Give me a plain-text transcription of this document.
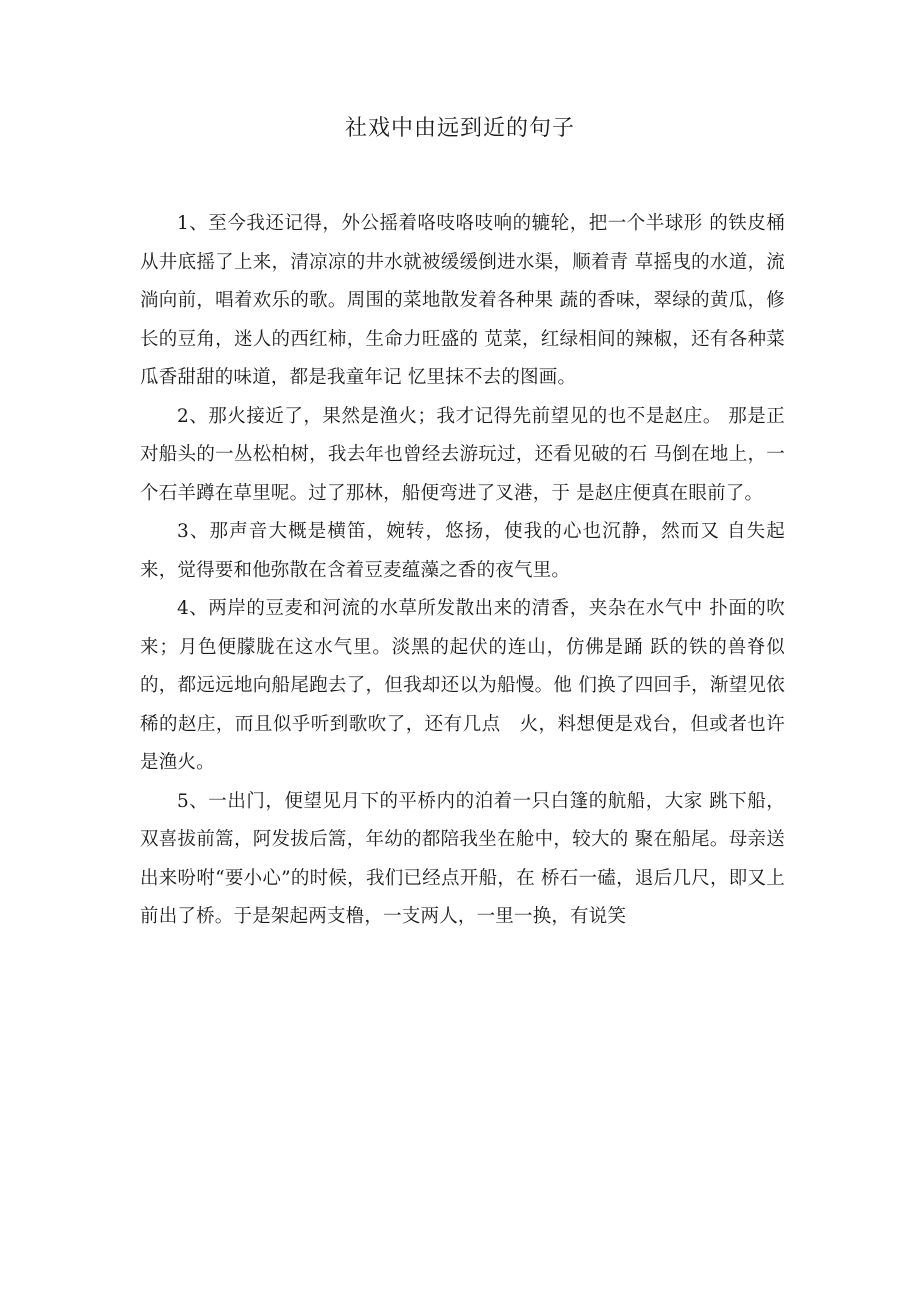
社戏中由远到近的句子

1、至今我还记得，外公摇着咯吱咯吱响的辘轮，把一个半球形 的铁皮桶从井底摇了上来，清凉凉的井水就被缓缓倒进水渠，顺着青 草摇曳的水道，流淌向前，唱着欢乐的歌。周围的菜地散发着各种果 蔬的香味，翠绿的黄瓜，修长的豆角，迷人的西红柿，生命力旺盛的 苋菜，红绿相间的辣椒，还有各种菜瓜香甜甜的味道，都是我童年记 忆里抹不去的图画。

2、那火接近了，果然是渔火；我才记得先前望见的也不是赵庄。 那是正对船头的一丛松柏树，我去年也曾经去游玩过，还看见破的石 马倒在地上，一个石羊蹲在草里呢。过了那林，船便弯进了叉港，于 是赵庄便真在眼前了。

3、那声音大概是横笛，婉转，悠扬，使我的心也沉静，然而又 自失起来，觉得要和他弥散在含着豆麦蕴藻之香的夜气里。

4、两岸的豆麦和河流的水草所发散出来的清香，夹杂在水气中 扑面的吹来；月色便朦胧在这水气里。淡黑的起伏的连山，仿佛是踊 跃的铁的兽脊似的，都远远地向船尾跑去了，但我却还以为船慢。他 们换了四回手，渐望见依稀的赵庄，而且似乎听到歌吹了，还有几点　火，料想便是戏台，但或者也许是渔火。

5、一出门，便望见月下的平桥内的泊着一只白篷的航船，大家 跳下船，双喜拔前篙，阿发拔后篙，年幼的都陪我坐在舱中，较大的 聚在船尾。母亲送出来吩咐“要小心”的时候，我们已经点开船，在 桥石一磕，退后几尺，即又上前出了桥。于是架起两支橹，一支两人，一里一换，有说笑
